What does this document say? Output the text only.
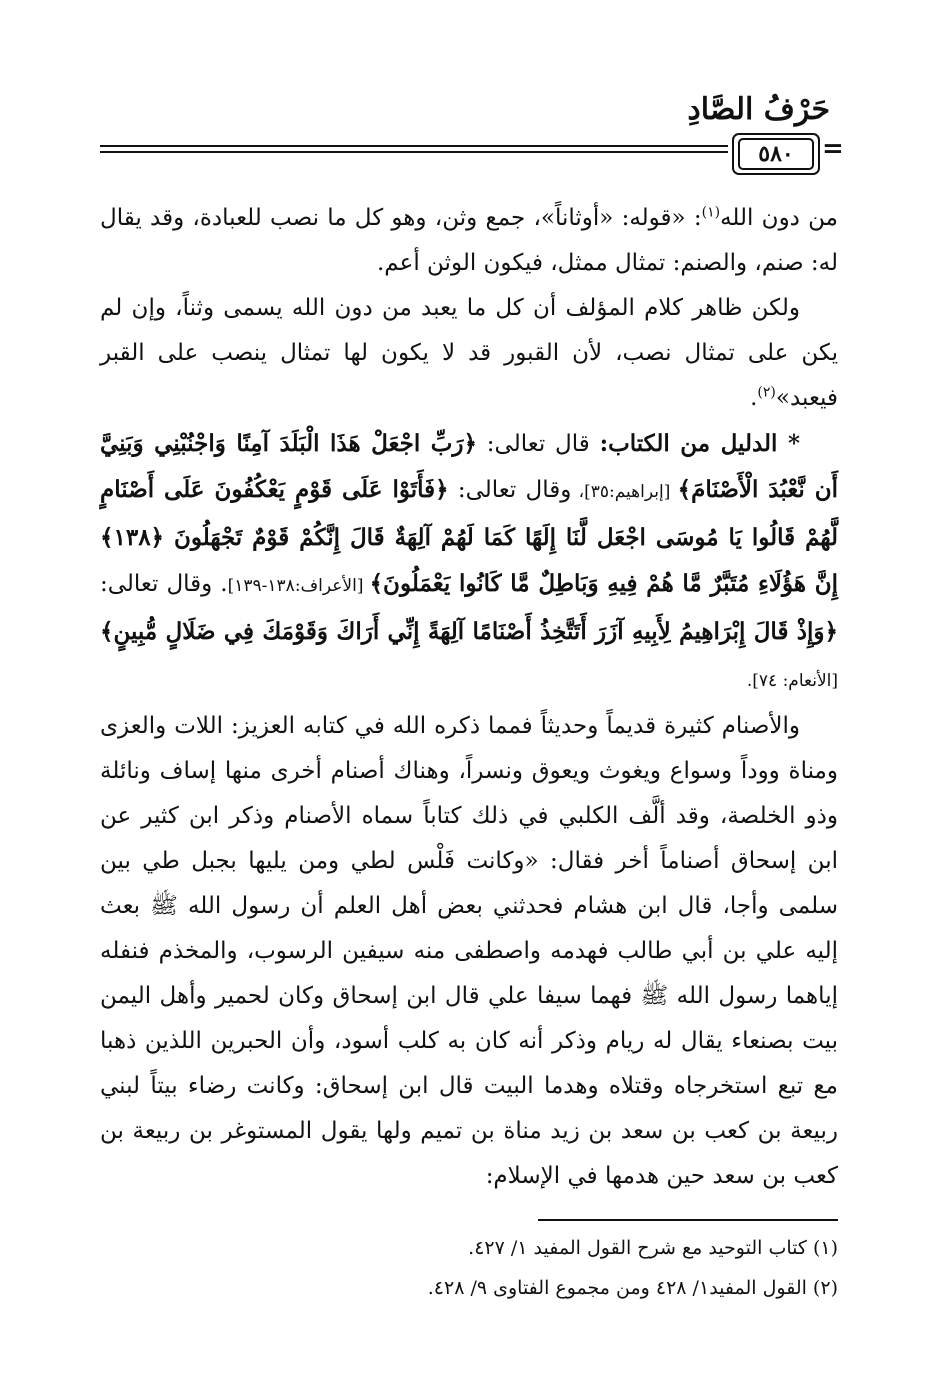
حَرْفُ الصَّادِ
٥٨٠	=

من دون الله$^{(١)}$: «قوله: «أوثاناً»، جمع وثن، وهو كل ما نصب للعبادة، وقد يقال له: صنم، والصنم: تمثال ممثل، فيكون الوثن أعم.

ولكن ظاهر كلام المؤلف أن كل ما يعبد من دون الله يسمى وثناً، وإن لم يكن على تمثال نصب، لأن القبور قد لا يكون لها تمثال ينصب على القبر فيعبد»$^{(٢)}$.

* الدليل من الكتاب: قال تعالى: ﴿رَبِّ اجْعَلْ هَذَا الْبَلَدَ آمِنًا وَاجْنُبْنِي وَبَنِيَّ أَن نَّعْبُدَ الْأَصْنَامَ﴾ [إبراهيم:٣٥]، وقال تعالى: ﴿فَأَتَوْا عَلَى قَوْمٍ يَعْكُفُونَ عَلَى أَصْنَامٍ لَّهُمْ قَالُوا يَا مُوسَى اجْعَل لَّنَا إِلَهًا كَمَا لَهُمْ آلِهَةٌ قَالَ إِنَّكُمْ قَوْمٌ تَجْهَلُونَ ﴿١٣٨﴾ إِنَّ هَؤُلَاءِ مُتَبَّرٌ مَّا هُمْ فِيهِ وَبَاطِلٌ مَّا كَانُوا يَعْمَلُونَ﴾ [الأعراف:١٣٨-١٣٩]. وقال تعالى: ﴿وَإِذْ قَالَ إِبْرَاهِيمُ لِأَبِيهِ آزَرَ أَتَتَّخِذُ أَصْنَامًا آلِهَةً إِنِّي أَرَاكَ وَقَوْمَكَ فِي ضَلَالٍ مُّبِينٍ﴾ [الأنعام: ٧٤].

والأصنام كثيرة قديماً وحديثاً فمما ذكره الله في كتابه العزيز: اللات والعزى ومناة ووداً وسواع ويغوث ويعوق ونسراً، وهناك أصنام أخرى منها إساف ونائلة وذو الخلصة، وقد ألَّف الكلبي في ذلك كتاباً سماه الأصنام وذكر ابن كثير عن ابن إسحاق أصناماً أخر فقال: «وكانت فَلْس لطي ومن يليها بجبل طي بين سلمى وأجا، قال ابن هشام فحدثني بعض أهل العلم أن رسول الله ﷺ بعث إليه علي بن أبي طالب فهدمه واصطفى منه سيفين الرسوب، والمخذم فنفله إياهما رسول الله ﷺ فهما سيفا علي قال ابن إسحاق وكان لحمير وأهل اليمن بيت بصنعاء يقال له ريام وذكر أنه كان به كلب أسود، وأن الحبرين اللذين ذهبا مع تبع استخرجاه وقتلاه وهدما البيت قال ابن إسحاق: وكانت رضاء بيتاً لبني ربيعة بن كعب بن سعد بن زيد مناة بن تميم ولها يقول المستوغر بن ربيعة بن كعب بن سعد حين هدمها في الإسلام:

(١) كتاب التوحيد مع شرح القول المفيد ١/ ٤٢٧.

(٢) القول المفيد١/ ٤٢٨ ومن مجموع الفتاوى ٩/ ٤٢٨.
